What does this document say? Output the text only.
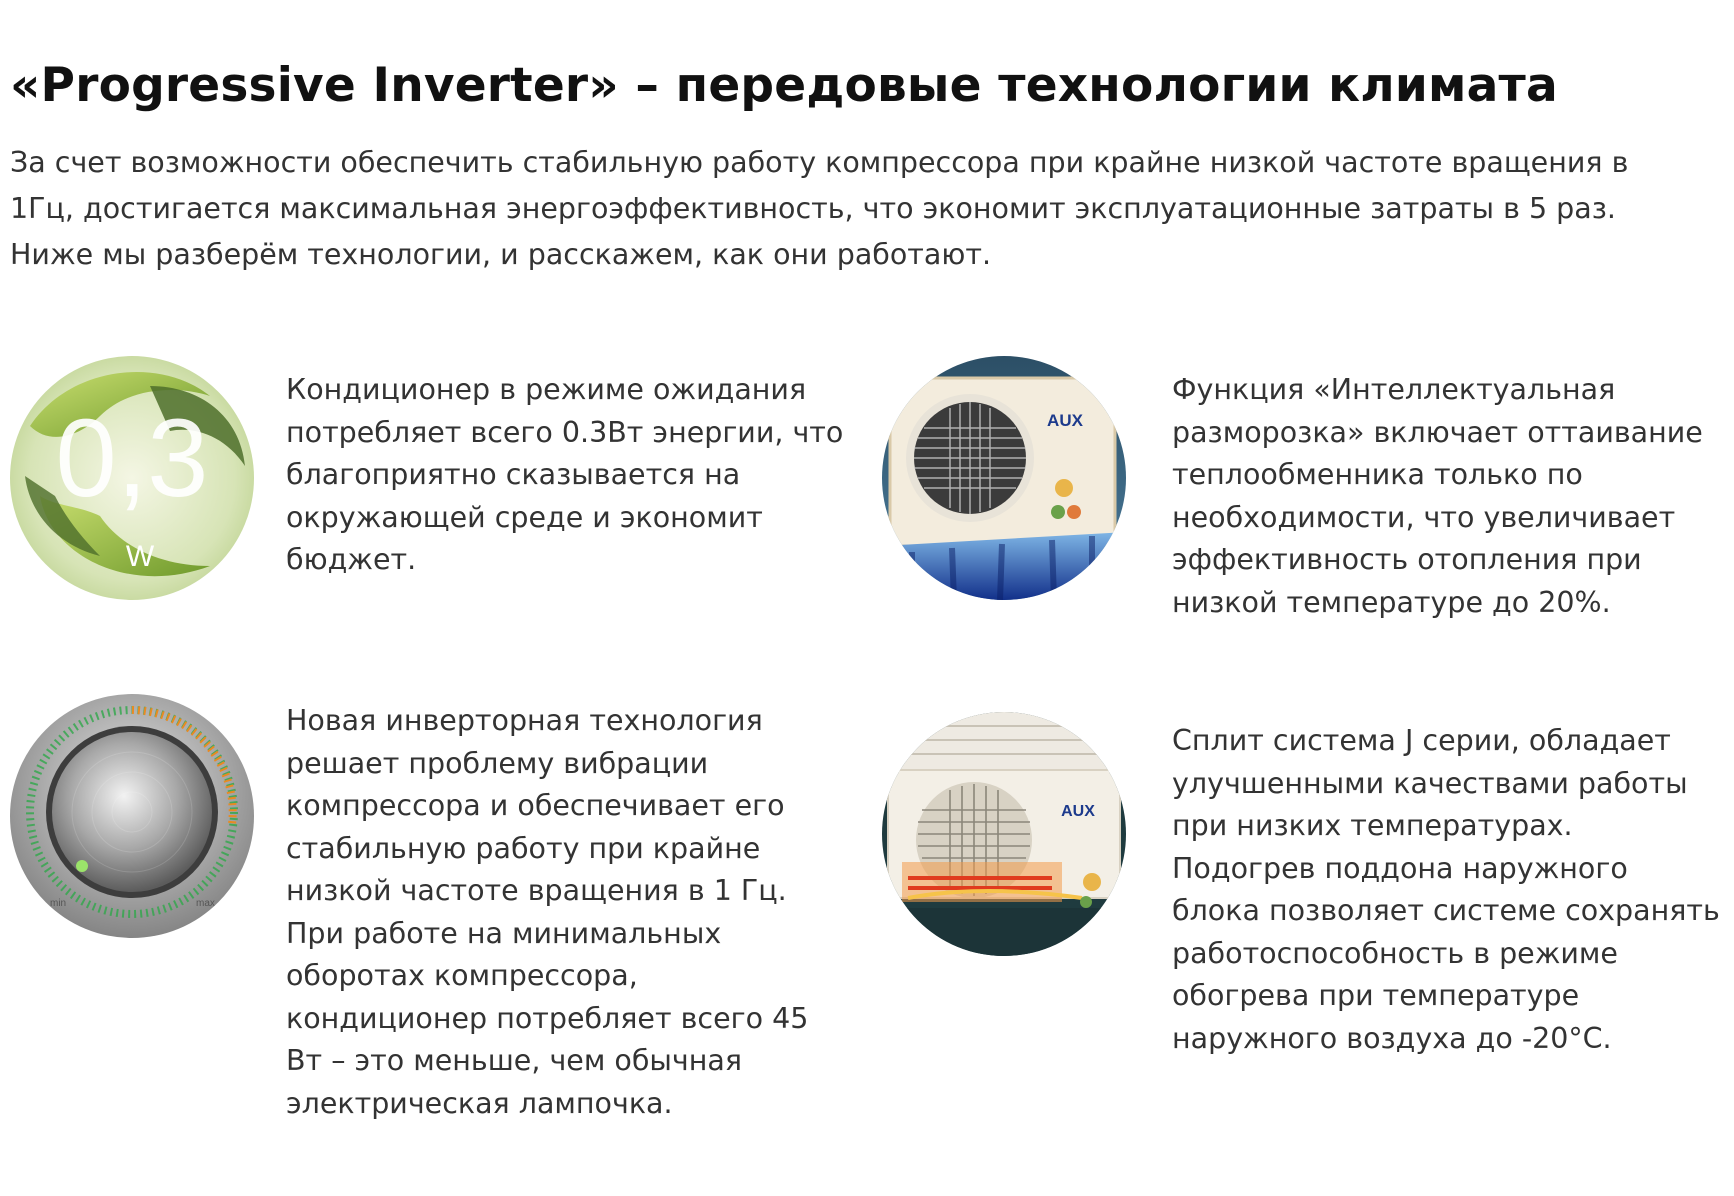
«Progressive Inverter» – передовые технологии климата

За счет возможности обеспечить стабильную работу компрессора при крайне низкой частоте вращения в 1Гц, достигается максимальная энергоэффективность, что экономит эксплуатационные затраты в 5 раз. Ниже мы разберём технологии, и расскажем, как они работают.

0,3
W

Кондиционер в режиме ожидания потребляет всего 0.3Вт энергии, что благоприятно сказывается на окружающей среде и экономит бюджет.

AUX

Функция «Интеллектуальная разморозка» включает оттаивание теплообменника только по необходимости, что увеличивает эффективность отопления при низкой температуре до 20%.

min	max

Новая инверторная технология решает проблему вибрации компрессора и обеспечивает его стабильную работу при крайне низкой частоте вращения в 1 Гц. При работе на минимальных оборотах компрессора, кондиционер потребляет всего 45 Вт – это меньше, чем обычная электрическая лампочка.

AUX

Сплит система J серии, обладает улучшенными качествами работы при низких температурах. Подогрев поддона наружного блока позволяет системе сохранять работоспособность в режиме обогрева при температуре наружного воздуха до -20°С.
